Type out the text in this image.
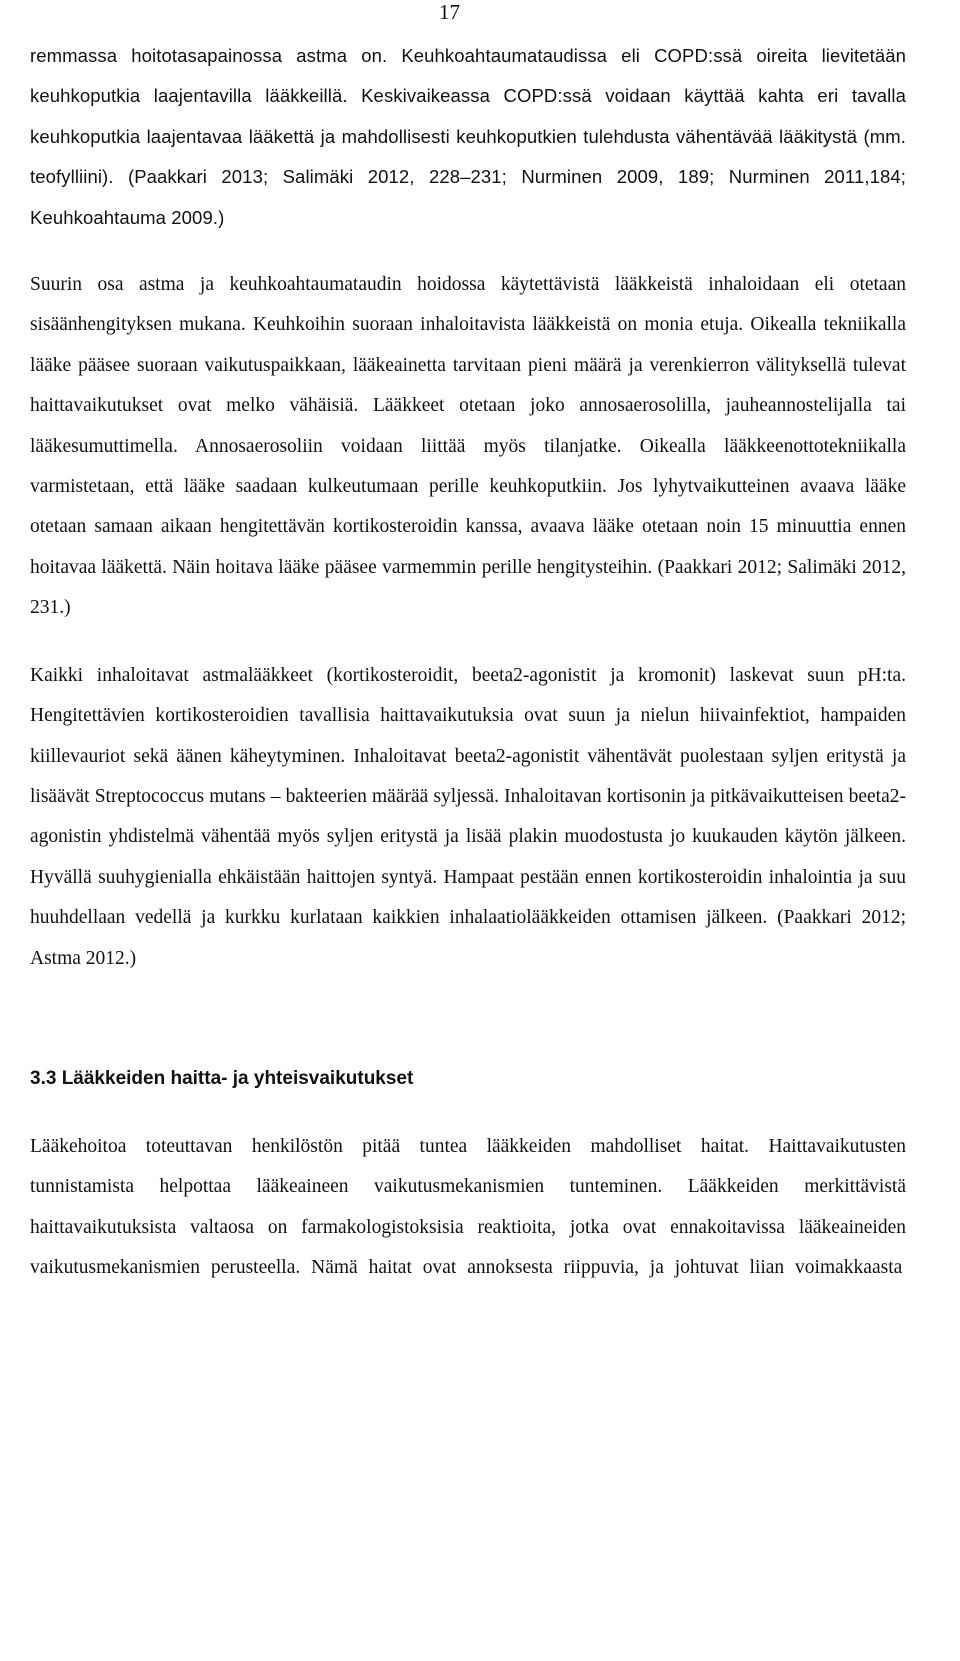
17

remmassa hoitotasapainossa astma on. Keuhkoahtaumataudissa eli COPD:ssä oireita lievitetään keuhkoputkia laajentavilla lääkkeillä. Keskivaikeassa COPD:ssä voidaan käyttää kahta eri tavalla keuhkoputkia laajentavaa lääkettä ja mahdollisesti keuhkoputkien tulehdusta vähentävää lääkitystä (mm. teofylliini). (Paakkari 2013; Salimäki 2012, 228–231; Nurminen 2009, 189; Nurminen 2011,184; Keuhkoahtauma 2009.)

Suurin osa astma ja keuhkoahtaumataudin hoidossa käytettävistä lääkkeistä inhaloidaan eli otetaan sisäänhengityksen mukana. Keuhkoihin suoraan inhaloitavista lääkkeistä on monia etuja. Oikealla tekniikalla lääke pääsee suoraan vaikutuspaikkaan, lääkeainetta tarvitaan pieni määrä ja verenkierron välityksellä tulevat haittavaikutukset ovat melko vähäisiä. Lääkkeet otetaan joko annosaerosolilla, jauheannostelijalla tai lääkesumuttimella. Annosaerosoliin voidaan liittää myös tilanjatke. Oikealla lääkkeenottotekniikalla varmistetaan, että lääke saadaan kulkeutumaan perille keuhkoputkiin. Jos lyhytvaikutteinen avaava lääke otetaan samaan aikaan hengitettävän kortikosteroidin kanssa, avaava lääke otetaan noin 15 minuuttia ennen hoitavaa lääkettä. Näin hoitava lääke pääsee varmemmin perille hengitysteihin. (Paakkari 2012; Salimäki 2012, 231.)

Kaikki inhaloitavat astmalääkkeet (kortikosteroidit, beeta2-agonistit ja kromonit) laskevat suun pH:ta. Hengitettävien kortikosteroidien tavallisia haittavaikutuksia ovat suun ja nielun hiivainfektiot, hampaiden kiillevauriot sekä äänen käheytyminen. Inhaloitavat beeta2-agonistit vähentävät puolestaan syljen eritystä ja lisäävät Streptococcus mutans – bakteerien määrää syljessä. Inhaloitavan kortisonin ja pitkävaikutteisen beeta2-agonistin yhdistelmä vähentää myös syljen eritystä ja lisää plakin muodostusta jo kuukauden käytön jälkeen. Hyvällä suuhygienialla ehkäistään haittojen syntyä. Hampaat pestään ennen kortikosteroidin inhalointia ja suu huuhdellaan vedellä ja kurkku kurlataan kaikkien inhalaatiolääkkeiden ottamisen jälkeen. (Paakkari 2012; Astma 2012.)

3.3 Lääkkeiden haitta- ja yhteisvaikutukset

Lääkehoitoa toteuttavan henkilöstön pitää tuntea lääkkeiden mahdolliset haitat. Haittavaikutusten tunnistamista helpottaa lääkeaineen vaikutusmekanismien tunteminen. Lääkkeiden merkittävistä haittavaikutuksista valtaosa on farmakologistoksisia reaktioita, jotka ovat ennakoitavissa lääkeaineiden vaikutusmekanismien perusteella. Nämä haitat ovat annoksesta riippuvia, ja johtuvat liian voimakkaasta
